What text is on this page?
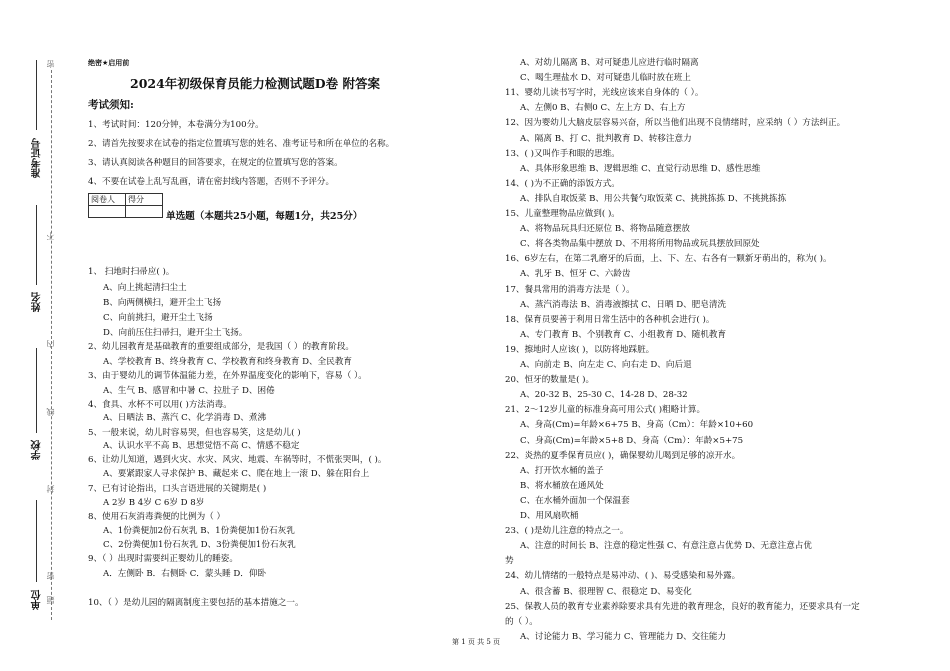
准考证号
姓名
学校
单位
密
不
内
线
封
密
题
绝密★启用前
2024年初级保育员能力检测试题D卷 附答案
考试须知:
1、考试时间：120分钟，本卷满分为100分。
2、请首先按要求在试卷的指定位置填写您的姓名、准考证号和所在单位的名称。
3、请认真阅读各种题目的回答要求，在规定的位置填写您的答案。
4、不要在试卷上乱写乱画，请在密封线内答题，否则不予评分。
阅卷人	得分

单选题（本题共25小题，每题1分，共25分）
1、 扫地时扫帚应( )。
A、向上挑起清扫尘土
B、向两侧横扫，避开尘土飞扬
C、向前挑扫，避开尘土飞扬
D、向前压住扫帚扫，避开尘土飞扬。
2、幼儿园教育是基础教育的重要组成部分，是我国（ ）的教育阶段。
A、学校教育 B、终身教育 C、学校教育和终身教育 D、全民教育
3、由于婴幼儿的调节体温能力差，在外界温度变化的影响下，容易（ ）。
A、生气 B、感冒和中暑 C、拉肚子 D、困倦
4、食具、水杯不可以用( )方法消毒。
A、日晒法 B、蒸汽 C、化学消毒 D、煮沸
5、一般来说，幼儿时容易哭，但也容易笑，这是幼儿( )
A、认识水平不高 B、思想觉悟不高 C、情感不稳定
6、让幼儿知道，遇到火灾、水灾、风灾、地震、车祸等时，不慌张哭叫，( )。
A、要紧跟家人寻求保护 B、藏起来 C、爬在地上一滚 D、躲在阳台上
7、已有讨论指出，口头言语进展的关键期是( )
A 2岁 B 4岁 C 6岁 D 8岁
8、使用石灰消毒粪便的比例为（ ）
A、1份粪便加2份石灰乳 B、1份粪便加1份石灰乳
C、2份粪便加1份石灰乳 D、3份粪便加1份石灰乳
9、（ ）出现时需要纠正婴幼儿的睡姿。
A．左侧卧 B．右侧卧 C．蒙头睡 D．仰卧
10、（ ）是幼儿园的隔离制度主要包括的基本措施之一。
A、对幼儿隔离 B、对可疑患儿应进行临时隔离
C、喝生理盐水 D、对可疑患儿临时放在班上
11、婴幼儿读书写字时，光线应该来自身体的（ ）。
A、左侧0 B、右侧0 C、左上方 D、右上方
12、因为婴幼儿大脑皮层容易兴奋，所以当他们出现不良情绪时，应采纳（ ）方法纠正。
A、隔离 B、打 C、批判教育 D、转移注意力
13、( )又叫作手和眼的思维。
A、具体形象思维 B、逻辑思维 C、直觉行动思维 D、感性思维
14、( )为不正确的添饭方式。
A、排队自取饭菜 B、用公共餐勺取饭菜 C、挑挑拣拣 D、不挑挑拣拣
15、儿童整理物品应做到( )。
A、将物品玩具归还原位 B、将物品随意摆放
C、将各类物品集中摆放 D、不用将所用物品或玩具摆放回原处
16、6岁左右，在第二乳磨牙的后面，上、下、左、右各有一颗新牙萌出的，称为( )。
A、乳牙 B、恒牙 C、六龄齿
17、餐具常用的消毒方法是（ ）。
A、蒸汽消毒法 B、消毒液擦拭 C、日晒 D、肥皂清洗
18、保育员要善于利用日常生活中的各种机会进行( )。
A、专门教育 B、个别教育 C、小组教育 D、随机教育
19、擦地时人应该( )，以防将地踩脏。
A、向前走 B、向左走 C、向右走 D、向后退
20、恒牙的数量是( )。
A、20-32 B、25-30 C、14-28 D、28-32
21、2～12岁儿童的标准身高可用公式( )粗略计算。
A、身高(Cm)=年龄×6+75 B、身高（Cm）：年龄×10+60
C、身高(Cm)=年龄×5+8 D、身高（Cm）：年龄×5+75
22、炎热的夏季保育员应( )，确保婴幼儿喝到足够的凉开水。
A、打开饮水桶的盖子
B、将水桶放在通风处
C、在水桶外面加一个保温套
D、用风扇吹桶
23、( )是幼儿注意的特点之一。
A、注意的时间长 B、注意的稳定性强 C、有意注意占优势 D、无意注意占优
势
24、幼儿情绪的一般特点是易冲动、( )、易受感染和易外露。
A、很含蓄 B、很理智 C、很稳定 D、易变化
25、保教人员的教育专业素养除要求具有先进的教育理念，良好的教育能力，还要求具有一定
的（ ）。
A、讨论能力 B、学习能力 C、管理能力 D、交往能力
第 1 页 共 5 页
